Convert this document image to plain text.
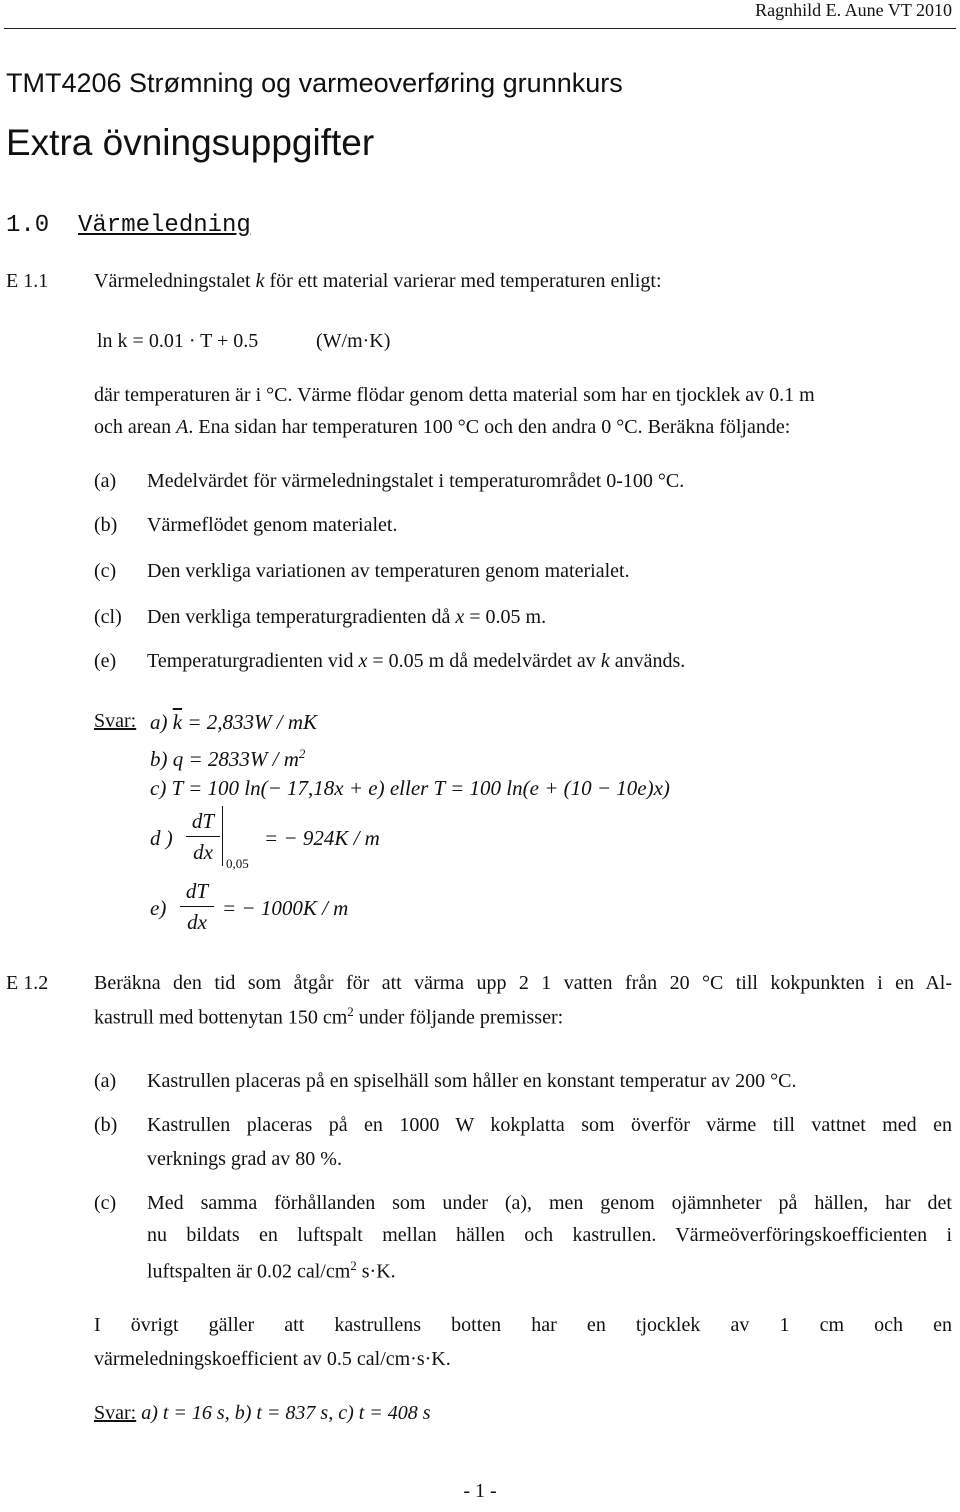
Ragnhild E. Aune VT 2010
TMT4206 Strømning og varmeoverføring grunnkurs
Extra övningsuppgifter
1.0 Värmeledning
E 1.1 Värmeledningstalet k för ett material varierar med temperaturen enligt:
ln k = 0.01 · T + 0.5	(W/m·K)
där temperaturen är i °C. Värme flödar genom detta material som har en tjocklek av 0.1 m
och arean A. Ena sidan har temperaturen 100 °C och den andra 0 °C. Beräkna följande:
(a) Medelvärdet för värmeledningstalet i temperaturområdet 0-100 °C.
(b) Värmeflödet genom materialet.
(c) Den verkliga variationen av temperaturen genom materialet.
(cl) Den verkliga temperaturgradienten då x = 0.05 m.
(e) Temperaturgradienten vid x = 0.05 m då medelvärdet av k används.
Svar: a) $\overline{k} = 2,833W$ / mK
b) $q = 2833W / m^2$
c) T = 100 ln(− 17,18x + e) eller T = 100 ln(e + (10 − 10e)x)
d )
dT
dx	0,05
= − 924K / m
e)
dT
dx
= − 1000K / m
E 1.2 Beräkna den tid som åtgår för att värma upp 2 1 vatten från 20 °C till kokpunkten i en Al-
kastrull med bottenytan 150 $cm^2$ under följande premisser:
(a) Kastrullen placeras på en spiselhäll som håller en konstant temperatur av 200 °C.
(b) Kastrullen placeras på en 1000 W kokplatta som överför värme till vattnet med en
verknings grad av 80 %.
(c) Med samma förhållanden som under (a), men genom ojämnheter på hällen, har det
nu bildats en luftspalt mellan hällen och kastrullen. Värmeöverföringskoefficienten i
luftspalten är 0.02 cal/$cm^2$ s·K.
I övrigt gäller att kastrullens botten har en tjocklek av 1 cm och en
värmeledningskoefficient av 0.5 cal/cm·s·K.
Svar: a) t = 16 s, b) t = 837 s, c) t = 408 s
- 1 -
